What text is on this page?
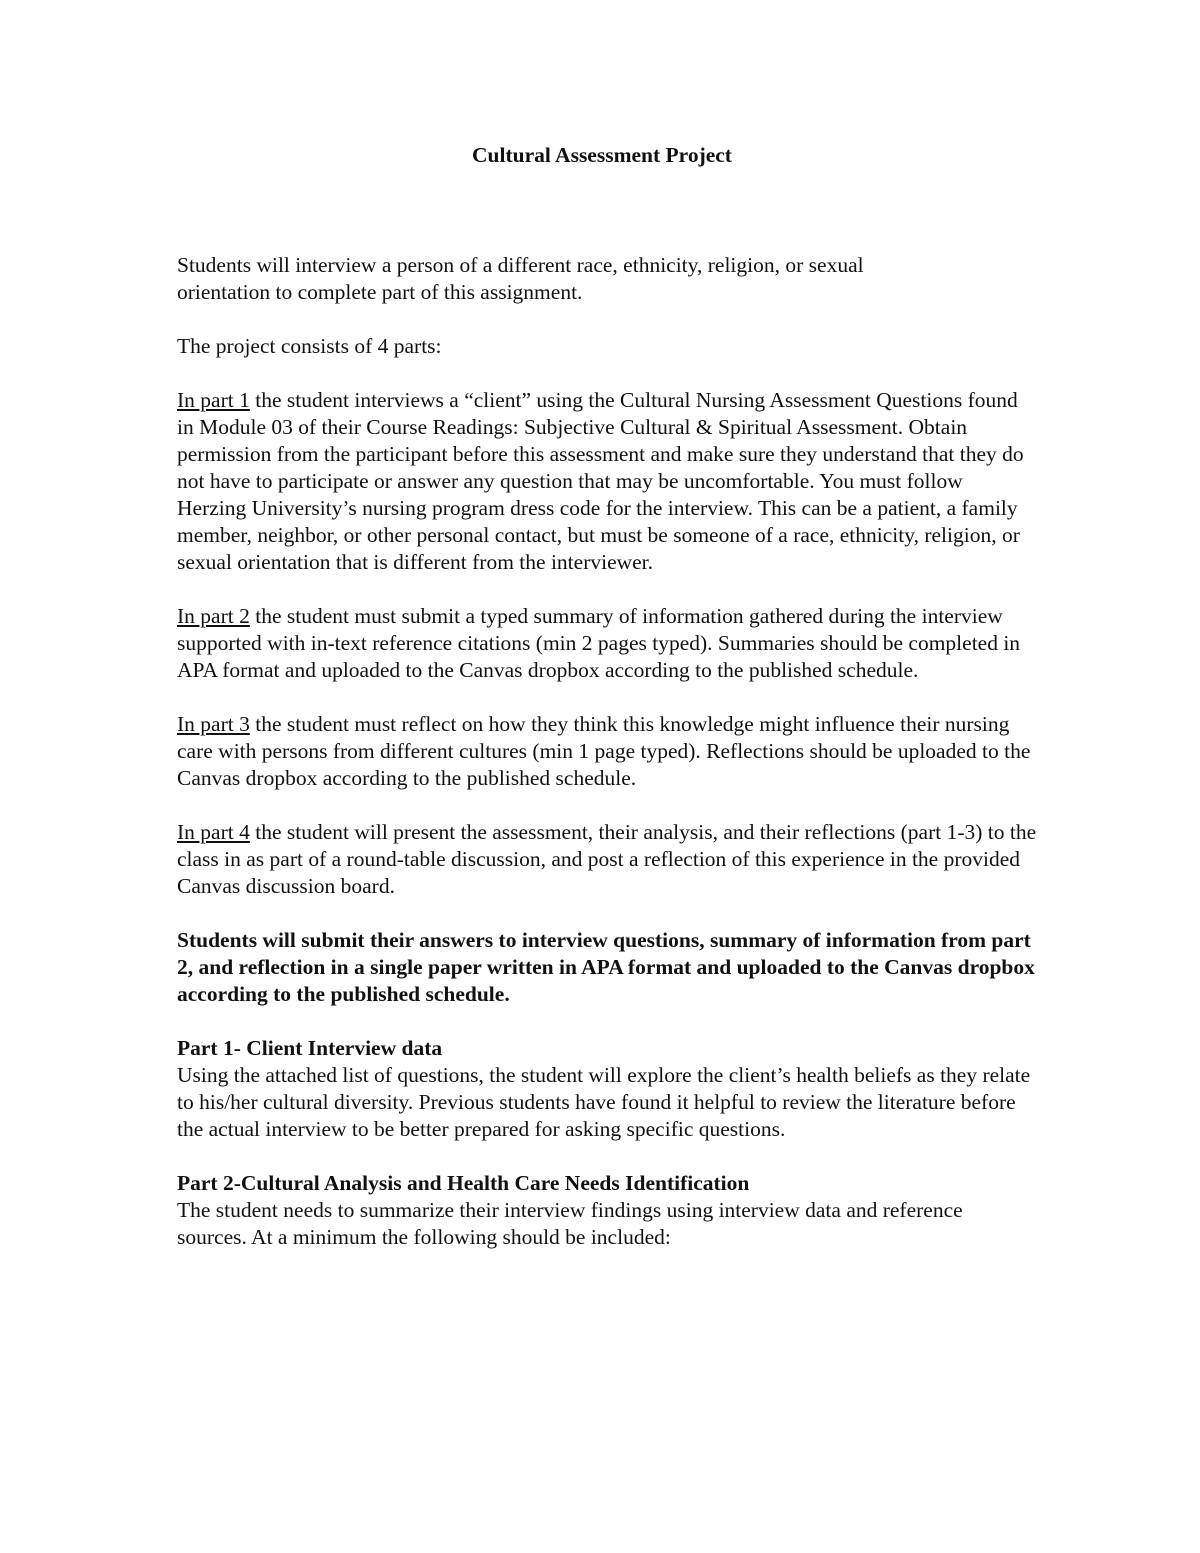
Cultural Assessment Project

Students will interview a person of a different race, ethnicity, religion, or sexual orientation to complete part of this assignment.

The project consists of 4 parts:

In part 1 the student interviews a “client” using the Cultural Nursing Assessment Questions found in Module 03 of their Course Readings: Subjective Cultural & Spiritual Assessment. Obtain permission from the participant before this assessment and make sure they understand that they do not have to participate or answer any question that may be uncomfortable. You must follow Herzing University’s nursing program dress code for the interview. This can be a patient, a family member, neighbor, or other personal contact, but must be someone of a race, ethnicity, religion, or sexual orientation that is different from the interviewer.

In part 2 the student must submit a typed summary of information gathered during the interview supported with in-text reference citations (min 2 pages typed). Summaries should be completed in APA format and uploaded to the Canvas dropbox according to the published schedule.

In part 3 the student must reflect on how they think this knowledge might influence their nursing care with persons from different cultures (min 1 page typed). Reflections should be uploaded to the Canvas dropbox according to the published schedule.

In part 4 the student will present the assessment, their analysis, and their reflections (part 1-3) to the class in as part of a round-table discussion, and post a reflection of this experience in the provided Canvas discussion board.

Students will submit their answers to interview questions, summary of information from part 2, and reflection in a single paper written in APA format and uploaded to the Canvas dropbox according to the published schedule.

Part 1- Client Interview data
Using the attached list of questions, the student will explore the client’s health beliefs as they relate to his/her cultural diversity. Previous students have found it helpful to review the literature before the actual interview to be better prepared for asking specific questions.
Part 2-Cultural Analysis and Health Care Needs Identification
The student needs to summarize their interview findings using interview data and reference sources. At a minimum the following should be included:
